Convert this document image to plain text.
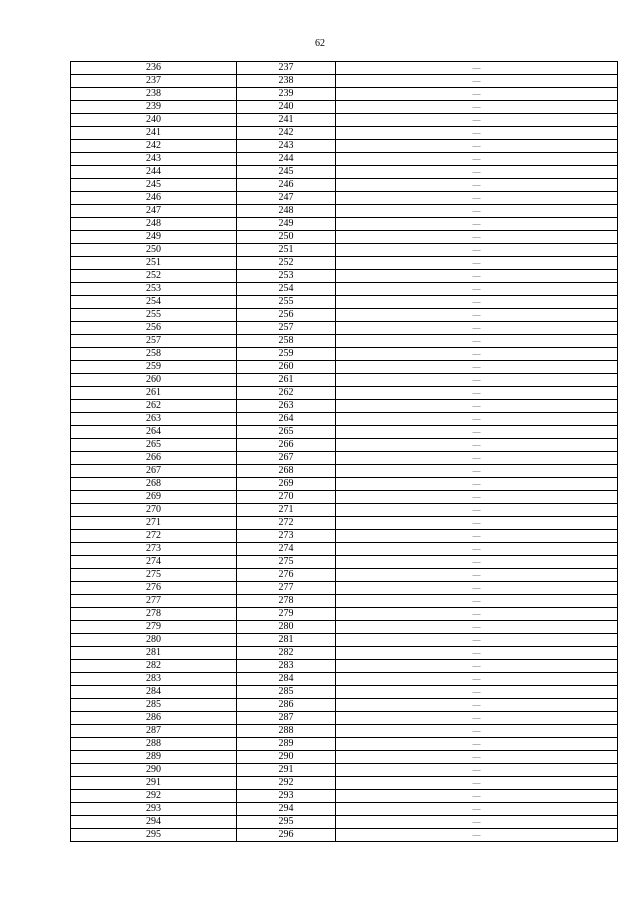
62
236	237	—
237	238	—
238	239	—
239	240	—
240	241	—
241	242	—
242	243	—
243	244	—
244	245	—
245	246	—
246	247	—
247	248	—
248	249	—
249	250	—
250	251	—
251	252	—
252	253	—
253	254	—
254	255	—
255	256	—
256	257	—
257	258	—
258	259	—
259	260	—
260	261	—
261	262	—
262	263	—
263	264	—
264	265	—
265	266	—
266	267	—
267	268	—
268	269	—
269	270	—
270	271	—
271	272	—
272	273	—
273	274	—
274	275	—
275	276	—
276	277	—
277	278	—
278	279	—
279	280	—
280	281	—
281	282	—
282	283	—
283	284	—
284	285	—
285	286	—
286	287	—
287	288	—
288	289	—
289	290	—
290	291	—
291	292	—
292	293	—
293	294	—
294	295	—
295	296	—
